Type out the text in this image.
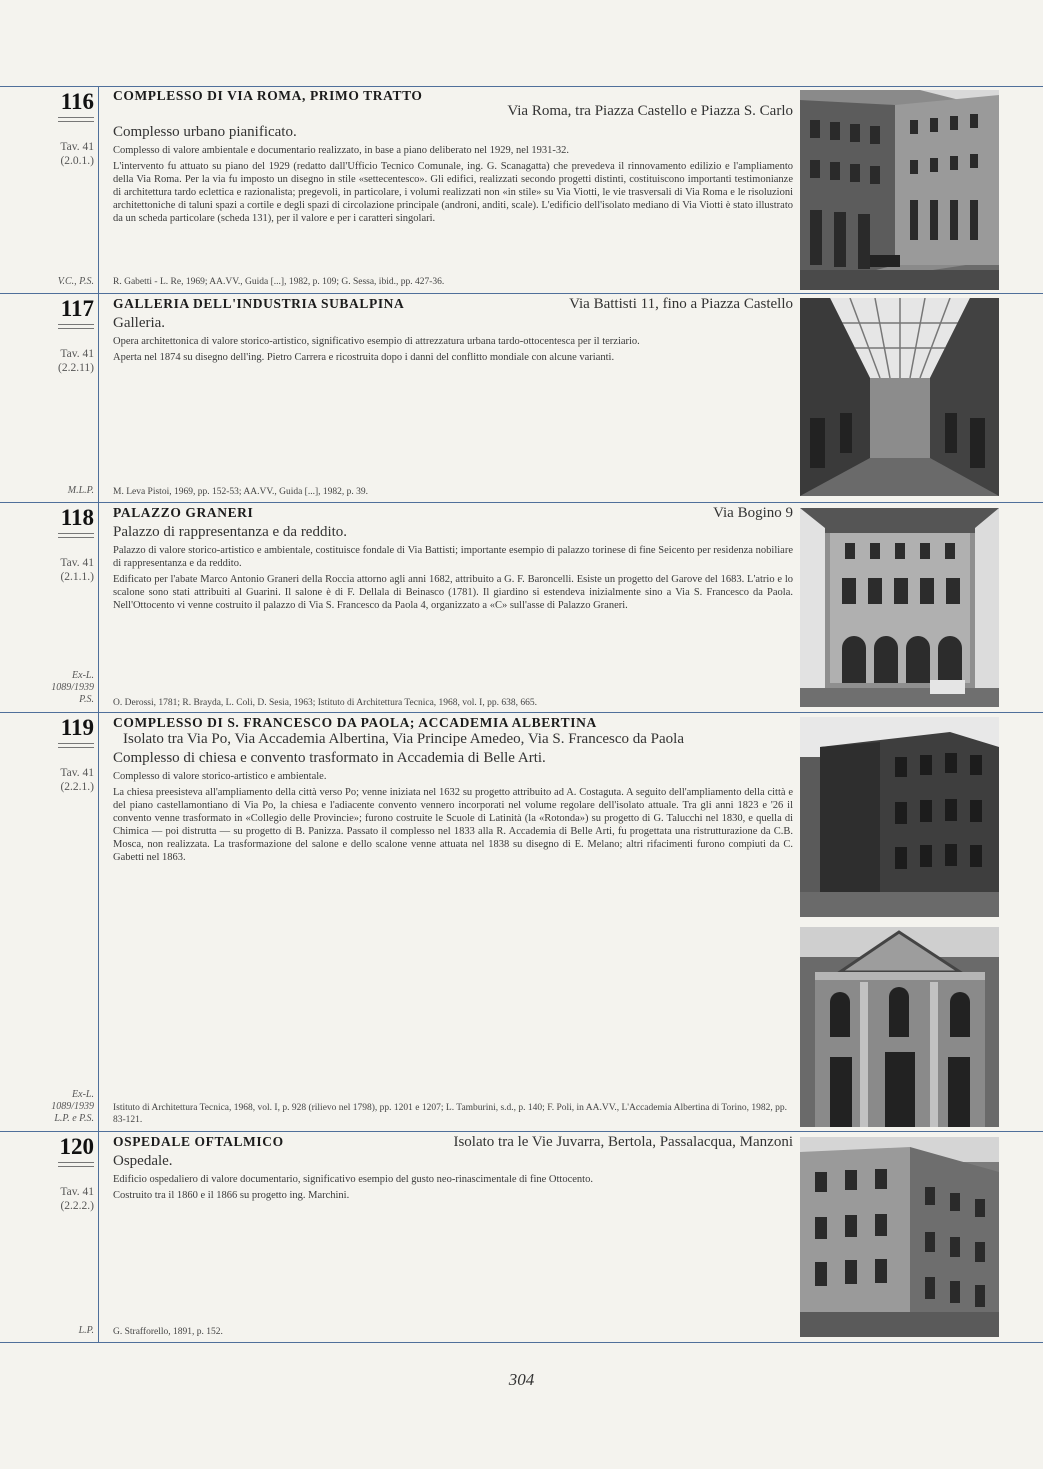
116
Tav. 41
(2.0.1.)
V.C., P.S.
COMPLESSO DI VIA ROMA, PRIMO TRATTO
Via Roma, tra Piazza Castello e Piazza S. Carlo
Complesso urbano pianificato.
Complesso di valore ambientale e documentario realizzato, in base a piano deliberato nel 1929, nel 1931-32.
L'intervento fu attuato su piano del 1929 (redatto dall'Ufficio Tecnico Comunale, ing. G. Scanagatta) che prevedeva il rinnovamento edilizio e l'ampliamento della Via Roma. Per la via fu imposto un disegno in stile «settecentesco». Gli edifici, realizzati secondo progetti distinti, costituiscono importanti testimonianze di architettura tardo eclettica e razionalista; pregevoli, in particolare, i volumi realizzati non «in stile» su Via Viotti, le vie trasversali di Via Roma e le risoluzioni architettoniche di taluni spazi a cortile e degli spazi di circolazione principale (androni, anditi, scale). L'edificio dell'isolato mediano di Via Viotti è stato illustrato da un scheda particolare (scheda 131), per il valore e per i caratteri singolari.
R. Gabetti - L. Re, 1969; AA.VV., Guida [...], 1982, p. 109; G. Sessa, ibid., pp. 427-36.
117
Tav. 41
(2.2.11)
M.L.P.
GALLERIA DELL'INDUSTRIA SUBALPINA	Via Battisti 11, fino a Piazza Castello
Galleria.
Opera architettonica di valore storico-artistico, significativo esempio di attrezzatura urbana tardo-ottocentesca per il terziario.
Aperta nel 1874 su disegno dell'ing. Pietro Carrera e ricostruita dopo i danni del conflitto mondiale con alcune varianti.
M. Leva Pistoi, 1969, pp. 152-53; AA.VV., Guida [...], 1982, p. 39.
118
Tav. 41
(2.1.1.)
Ex-L.
1089/1939
P.S.
PALAZZO GRANERI	Via Bogino 9
Palazzo di rappresentanza e da reddito.
Palazzo di valore storico-artistico e ambientale, costituisce fondale di Via Battisti; importante esempio di palazzo torinese di fine Seicento per residenza nobiliare di rappresentanza e da reddito.
Edificato per l'abate Marco Antonio Graneri della Roccia attorno agli anni 1682, attribuito a G. F. Baroncelli. Esiste un progetto del Garove del 1683. L'atrio e lo scalone sono stati attribuiti al Guarini. Il salone è di F. Dellala di Beinasco (1781). Il giardino si estendeva inizialmente sino a Via S. Francesco da Paola. Nell'Ottocento vi venne costruito il palazzo di Via S. Francesco da Paola 4, organizzato a «C» sull'asse di Palazzo Graneri.
O. Derossi, 1781; R. Brayda, L. Coli, D. Sesia, 1963; Istituto di Architettura Tecnica, 1968, vol. I, pp. 638, 665.
119
Tav. 41
(2.2.1.)
Ex-L.
1089/1939
L.P. e P.S.
COMPLESSO DI S. FRANCESCO DA PAOLA; ACCADEMIA ALBERTINA
Isolato tra Via Po, Via Accademia Albertina, Via Principe Amedeo, Via S. Francesco da Paola
Complesso di chiesa e convento trasformato in Accademia di Belle Arti.
Complesso di valore storico-artistico e ambientale.
La chiesa preesisteva all'ampliamento della città verso Po; venne iniziata nel 1632 su progetto attribuito ad A. Costaguta. A seguito dell'ampliamento della città e del piano castellamontiano di Via Po, la chiesa e l'adiacente convento vennero incorporati nel volume regolare dell'isolato attuale. Tra gli anni 1823 e '26 il convento venne trasformato in «Collegio delle Provincie»; furono costruite le Scuole di Latinità (la «Rotonda») su progetto di G. Talucchi nel 1830, e quella di Chimica — poi distrutta — su progetto di B. Panizza. Passato il complesso nel 1833 alla R. Accademia di Belle Arti, fu progettata una ristrutturazione da C.B. Mosca, non realizzata. La trasformazione del salone e dello scalone venne attuata nel 1838 su disegno di E. Melano; altri rifacimenti furono compiuti da C. Gabetti nel 1863.
Istituto di Architettura Tecnica, 1968, vol. I, p. 928 (rilievo nel 1798), pp. 1201 e 1207; L. Tamburini, s.d., p. 140; F. Poli, in AA.VV., L'Accademia Albertina di Torino, 1982, pp. 83-121.
120
Tav. 41
(2.2.2.)
L.P.
OSPEDALE OFTALMICO	Isolato tra le Vie Juvarra, Bertola, Passalacqua, Manzoni
Ospedale.
Edificio ospedaliero di valore documentario, significativo esempio del gusto neo-rinascimentale di fine Ottocento.
Costruito tra il 1860 e il 1866 su progetto ing. Marchini.
G. Strafforello, 1891, p. 152.
304
